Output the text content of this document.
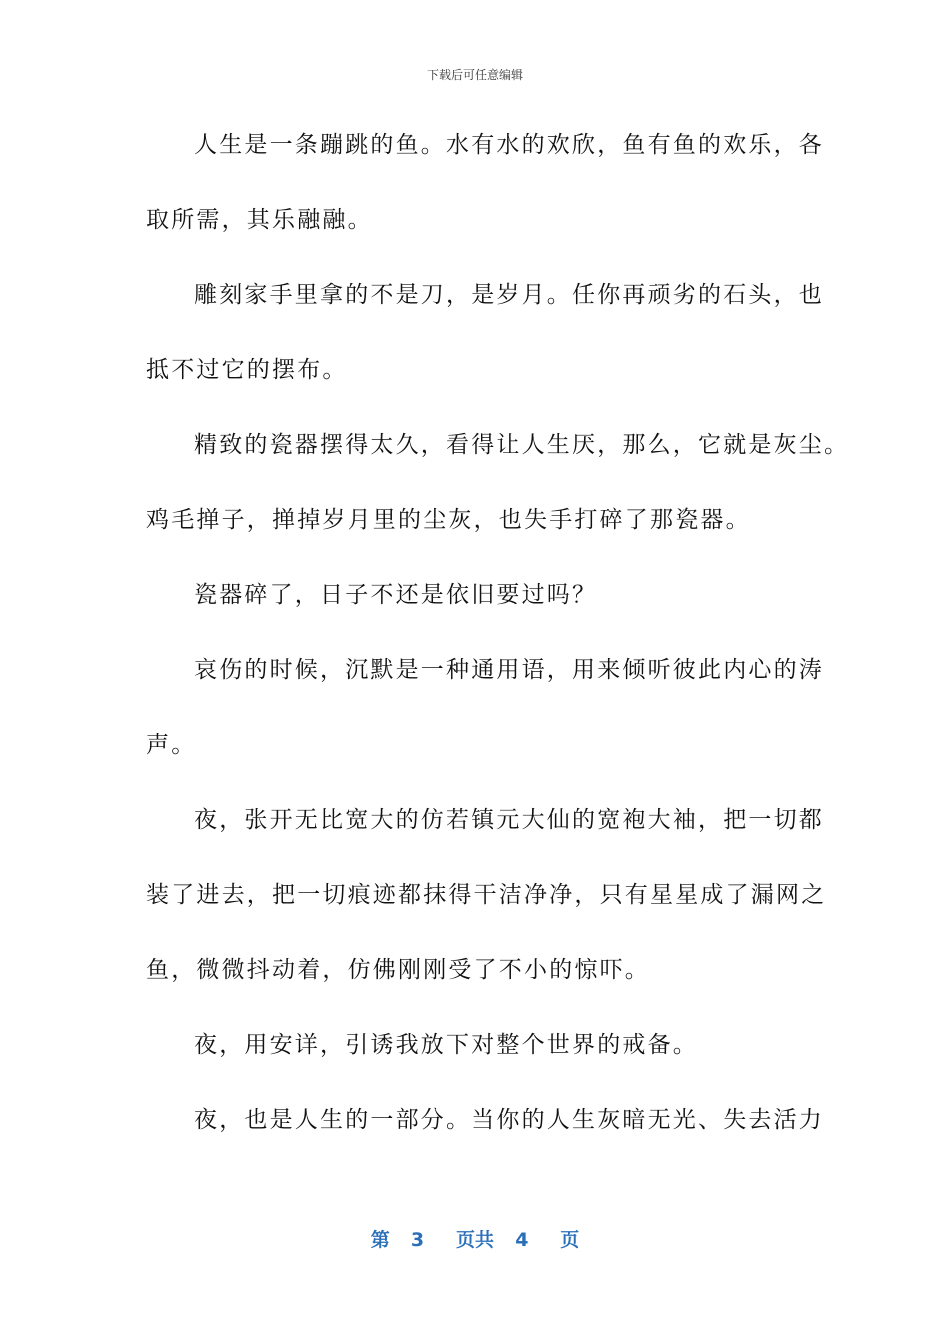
下载后可任意编辑
人生是一条蹦跳的鱼。水有水的欢欣，鱼有鱼的欢乐，各
取所需，其乐融融。
雕刻家手里拿的不是刀，是岁月。任你再顽劣的石头，也
抵不过它的摆布。
精致的瓷器摆得太久，看得让人生厌，那么，它就是灰尘。
鸡毛掸子，掸掉岁月里的尘灰，也失手打碎了那瓷器。
瓷器碎了，日子不还是依旧要过吗？
哀伤的时候，沉默是一种通用语，用来倾听彼此内心的涛
声。
夜，张开无比宽大的仿若镇元大仙的宽袍大袖，把一切都
装了进去，把一切痕迹都抹得干洁净净，只有星星成了漏网之
鱼，微微抖动着，仿佛刚刚受了不小的惊吓。
夜，用安详，引诱我放下对整个世界的戒备。
夜，也是人生的一部分。当你的人生灰暗无光、失去活力
第  3   页共  4   页
